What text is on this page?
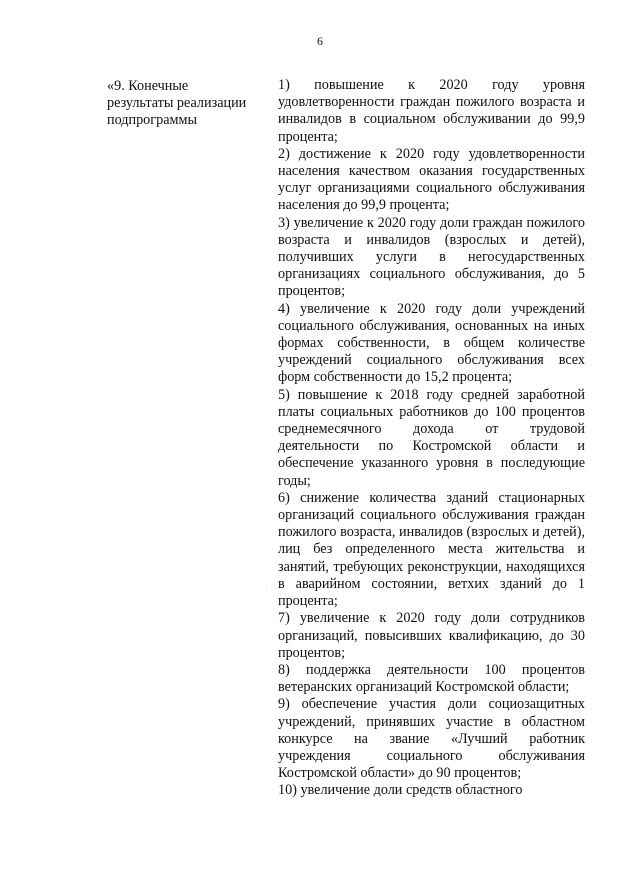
6
«9. Конечные результаты реализации подпрограммы

1) повышение к 2020 году уровня удовлетворенности граждан пожилого возраста и инвалидов в социальном обслуживании до 99,9 процента;

2) достижение к 2020 году удовлетворенности населения качеством оказания государственных услуг организациями социального обслуживания населения до 99,9 процента;

3) увеличение к 2020 году доли граждан пожилого возраста и инвалидов (взрослых и детей), получивших услуги в негосударственных организациях социального обслуживания, до 5 процентов;

4) увеличение к 2020 году доли учреждений социального обслуживания, основанных на иных формах собственности, в общем количестве учреждений социального обслуживания всех форм собственности до 15,2 процента;

5) повышение к 2018 году средней заработной платы социальных работников до 100 процентов среднемесячного дохода от трудовой деятельности по Костромской области и обеспечение указанного уровня в последующие годы;

6) снижение количества зданий стационарных организаций социального обслуживания граждан пожилого возраста, инвалидов (взрослых и детей), лиц без определенного места жительства и занятий, требующих реконструкции, находящихся в аварийном состоянии, ветхих зданий до 1 процента;

7) увеличение к 2020 году доли сотрудников организаций, повысивших квалификацию, до 30 процентов;

8) поддержка деятельности 100 процентов ветеранских организаций Костромской области;

9) обеспечение участия доли социозащитных учреждений, принявших участие в областном конкурсе на звание «Лучший работник учреждения социального обслуживания Костромской области» до 90 процентов;

10) увеличение доли средств областного
